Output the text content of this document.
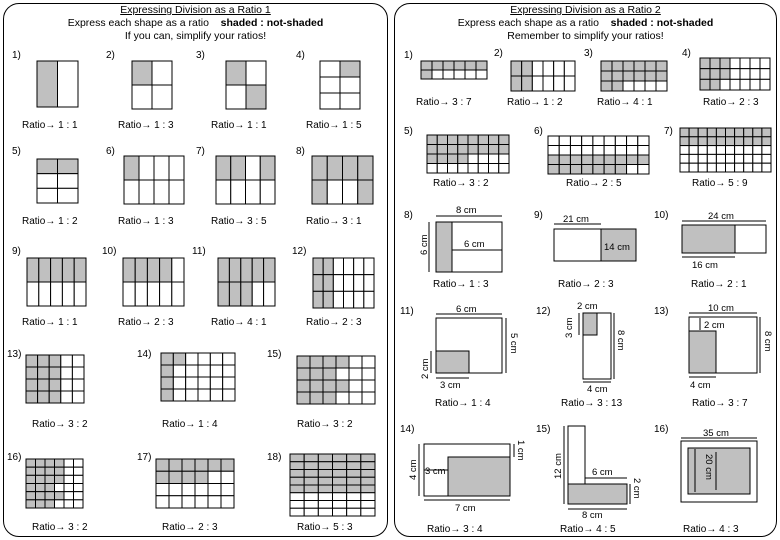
Expressing Division as a Ratio 1
Express each shape as a ratio shaded : not-shaded
If you can, simplify your ratios!
Expressing Division as a Ratio 2
Express each shape as a ratio shaded : not-shaded
Remember to simplify your ratios!
1)	2)	3)	4)
5)	6)	7)	8)
9)	10)	11)	12)
13)	14)	15)
16)	17)	18)
Ratio→ 1 : 1	Ratio→ 1 : 3	Ratio→ 1 : 1	Ratio→ 1 : 5
Ratio→ 1 : 2	Ratio→ 1 : 3	Ratio→ 3 : 5	Ratio→ 3 : 1
Ratio→ 1 : 1	Ratio→ 2 : 3	Ratio→ 4 : 1	Ratio→ 2 : 3
Ratio→ 3 : 2	Ratio→ 1 : 4	Ratio→ 3 : 2
Ratio→ 3 : 2	Ratio→ 2 : 3	Ratio→ 5 : 3
1)	2)	3)	4)
5)	6)	7)
8)	9)	10)
11)	12)	13)
14)	15)	16)
Ratio→ 3 : 7	Ratio→ 1 : 2	Ratio→ 4 : 1	Ratio→ 2 : 3
Ratio→ 3 : 2	Ratio→ 2 : 5	Ratio→ 5 : 9
Ratio→ 1 : 3	Ratio→ 2 : 3	Ratio→ 2 : 1
Ratio→ 1 : 4	Ratio→ 3 : 13	Ratio→ 3 : 7
Ratio→ 3 : 4	Ratio→ 4 : 5	Ratio→ 4 : 3
8 cm
6 cm	6 cm
21 cm
14 cm
24 cm
16 cm
6 cm
5 cm
3 cm
2 cm
2 cm
3 cm
8 cm
4 cm
10 cm
8 cm
4 cm
2 cm
4 cm 3 cm
1 cm
7 cm
12 cm	6 cm
2 cm
8 cm
35 cm
20 cm
